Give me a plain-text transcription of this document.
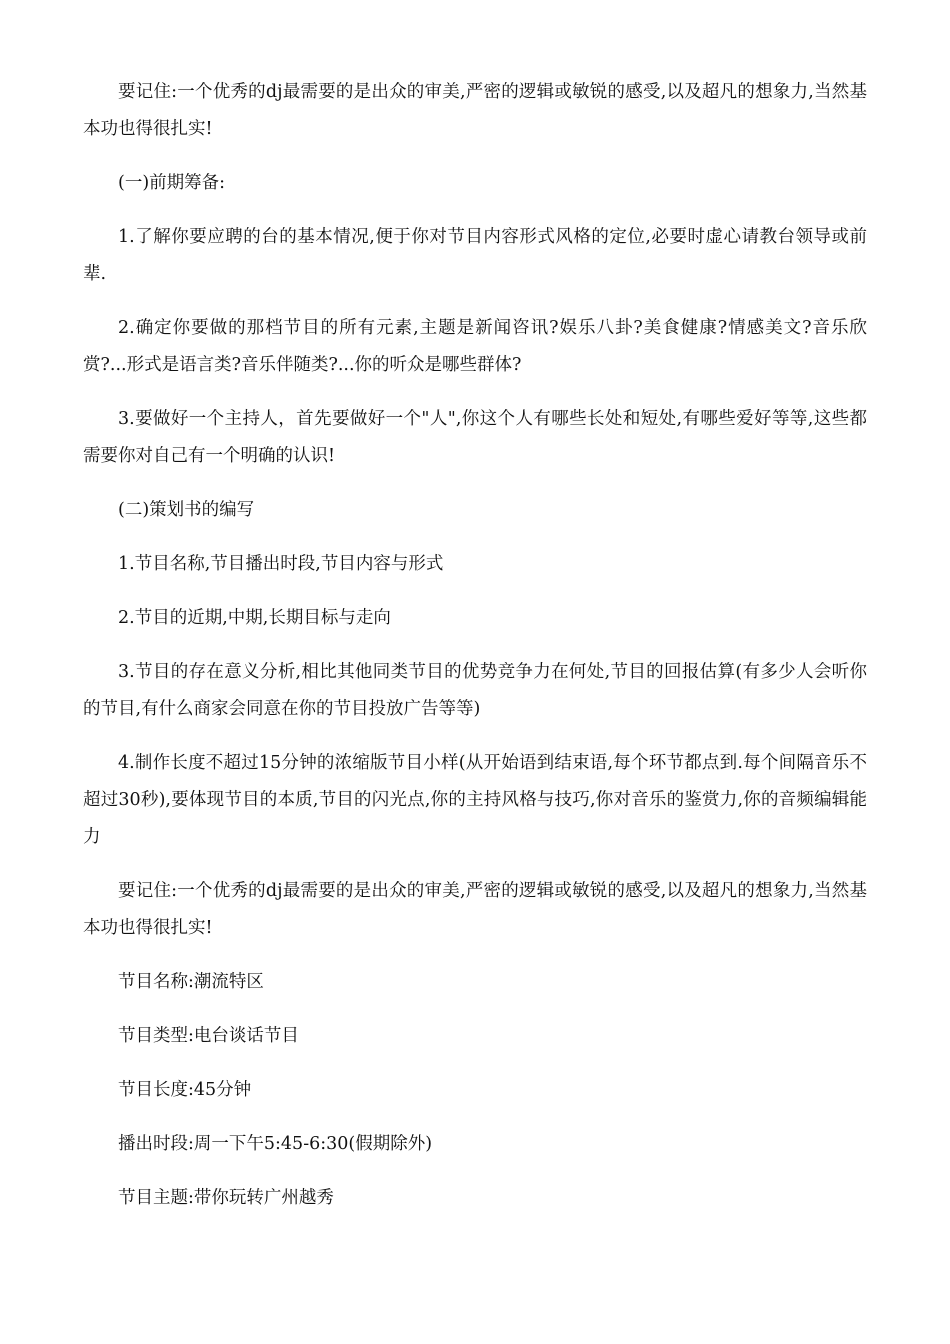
要记住:一个优秀的dj最需要的是出众的审美,严密的逻辑或敏锐的感受,以及超凡的想象力,当然基本功也得很扎实!

(一)前期筹备:

1.了解你要应聘的台的基本情况,便于你对节目内容形式风格的定位,必要时虚心请教台领导或前辈.

2.确定你要做的那档节目的所有元素,主题是新闻咨讯?娱乐八卦?美食健康?情感美文?音乐欣赏?...形式是语言类?音乐伴随类?...你的听众是哪些群体?

3.要做好一个主持人，首先要做好一个"人",你这个人有哪些长处和短处,有哪些爱好等等,这些都需要你对自己有一个明确的认识!

(二)策划书的编写

1.节目名称,节目播出时段,节目内容与形式

2.节目的近期,中期,长期目标与走向

3.节目的存在意义分析,相比其他同类节目的优势竞争力在何处,节目的回报估算(有多少人会听你的节目,有什么商家会同意在你的节目投放广告等等)

4.制作长度不超过15分钟的浓缩版节目小样(从开始语到结束语,每个环节都点到.每个间隔音乐不超过30秒),要体现节目的本质,节目的闪光点,你的主持风格与技巧,你对音乐的鉴赏力,你的音频编辑能力

要记住:一个优秀的dj最需要的是出众的审美,严密的逻辑或敏锐的感受,以及超凡的想象力,当然基本功也得很扎实!

节目名称:潮流特区

节目类型:电台谈话节目

节目长度:45分钟

播出时段:周一下午5:45-6:30(假期除外)

节目主题:带你玩转广州越秀
